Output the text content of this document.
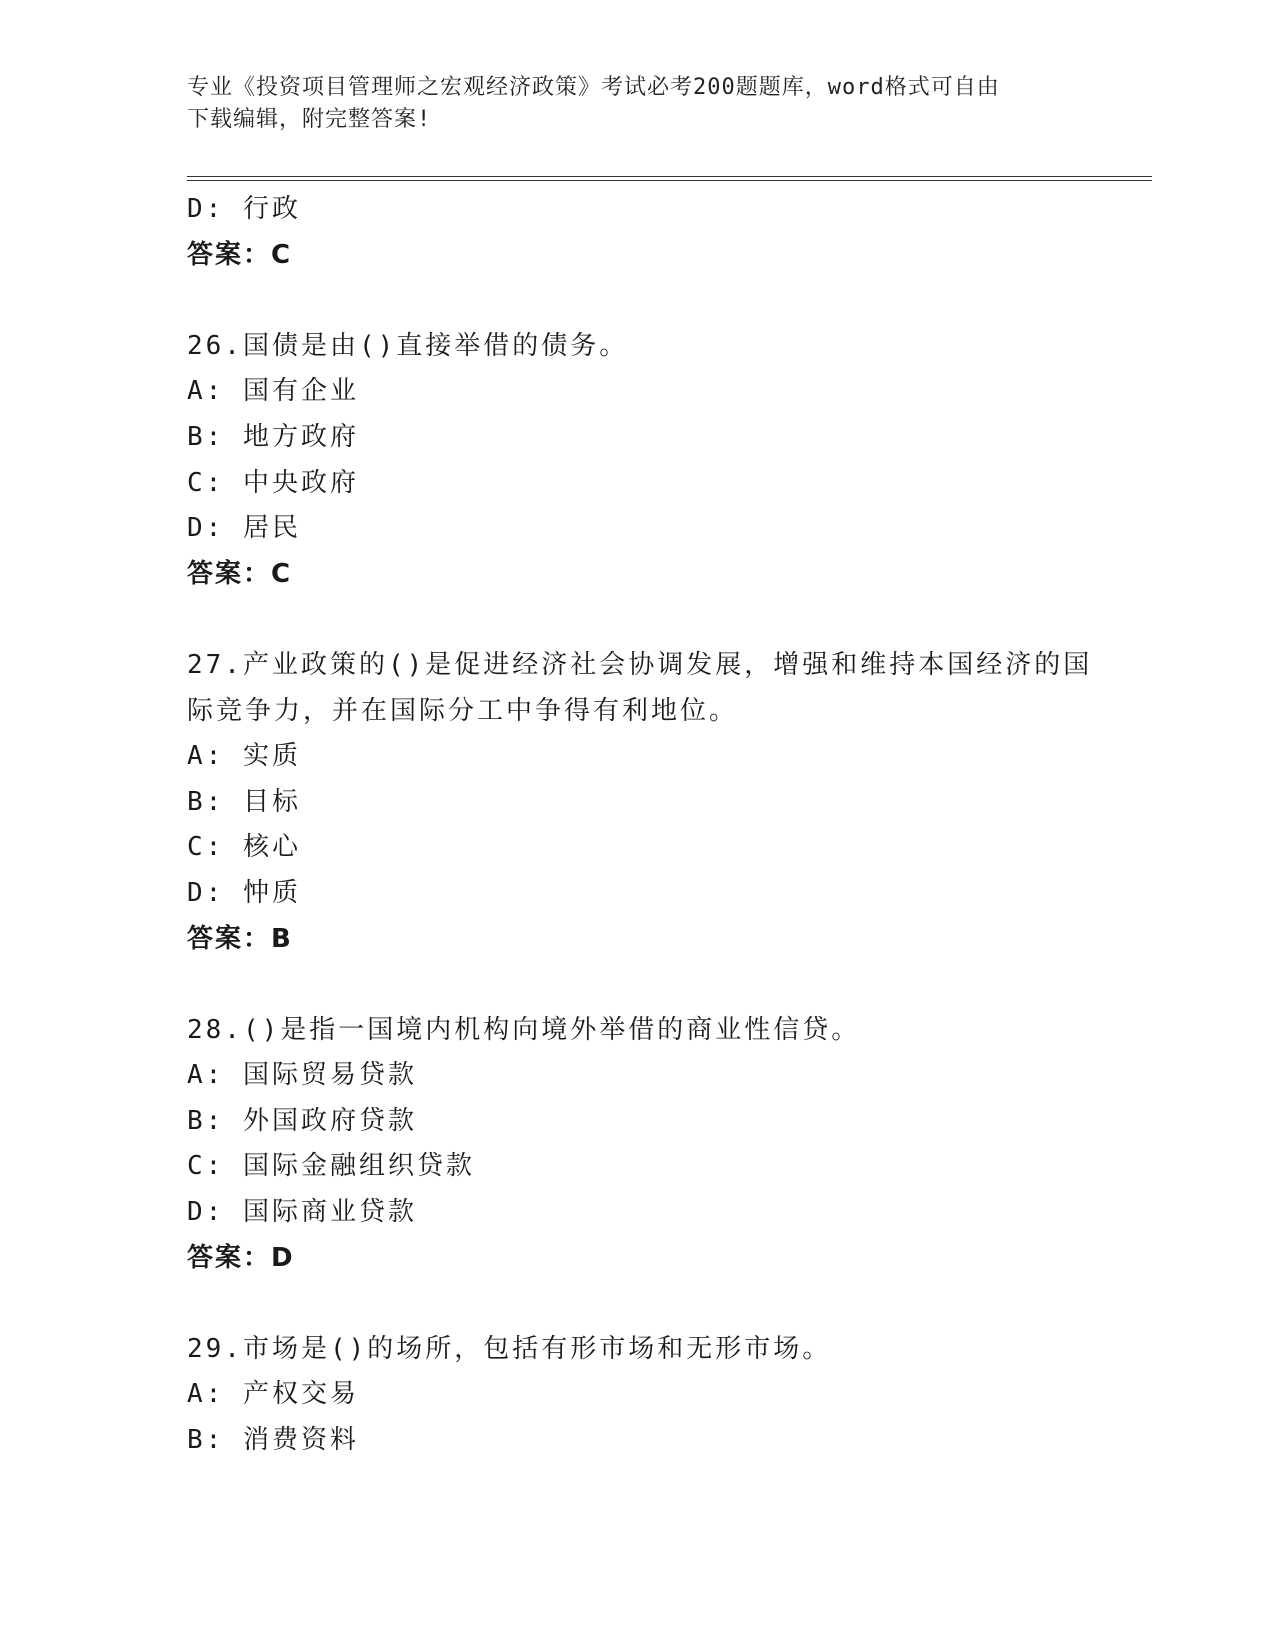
专业《投资项目管理师之宏观经济政策》考试必考200题题库，word格式可自由
下载编辑，附完整答案!
D: 行政
答案：C
26.国债是由()直接举借的债务。
A: 国有企业
B: 地方政府
C: 中央政府
D: 居民
答案：C
27.产业政策的()是促进经济社会协调发展，增强和维持本国经济的国
际竞争力，并在国际分工中争得有利地位。
A: 实质
B: 目标
C: 核心
D: 忡质
答案：B
28.()是指一国境内机构向境外举借的商业性信贷。
A: 国际贸易贷款
B: 外国政府贷款
C: 国际金融组织贷款
D: 国际商业贷款
答案：D
29.市场是()的场所，包括有形市场和无形市场。
A: 产权交易
B: 消费资料
